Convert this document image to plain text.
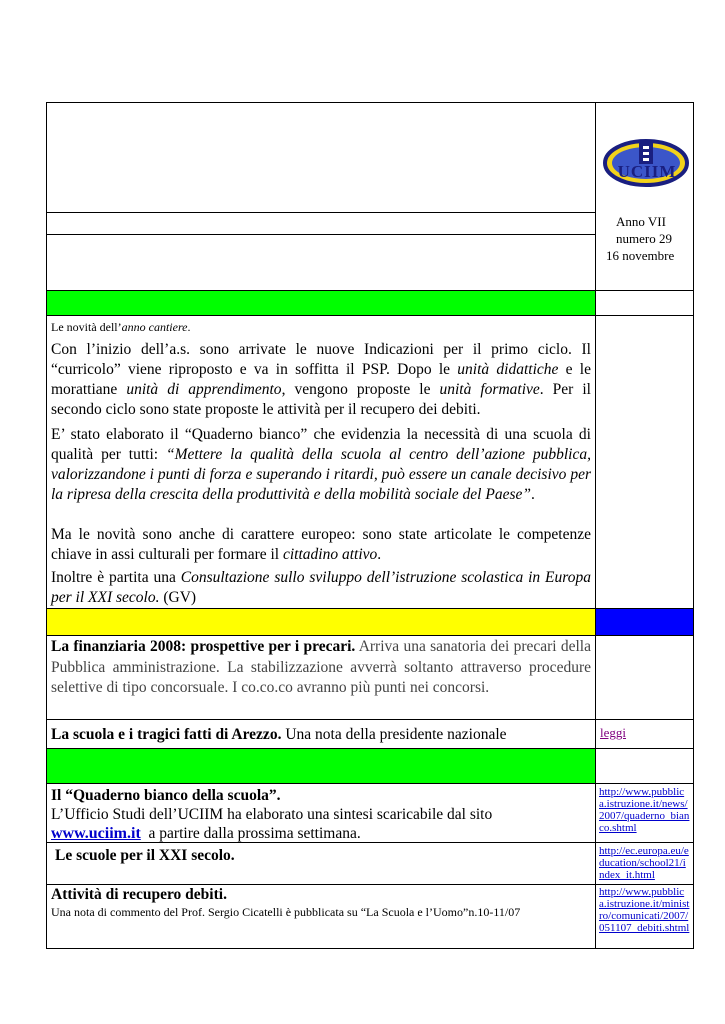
UCIIM
Anno VII
numero 29
16 novembre
Le novità dell’anno cantiere.
Con l’inizio dell’a.s. sono arrivate le nuove Indicazioni per il primo ciclo. Il “curricolo” viene riproposto e va in soffitta il PSP. Dopo le unità didattiche e le morattiane unità di apprendimento, vengono proposte le unità formative. Per il secondo ciclo sono state proposte le attività per il recupero dei debiti.
E’ stato elaborato il “Quaderno bianco” che evidenzia la necessità di una scuola di qualità per tutti: “Mettere la qualità della scuola al centro dell’azione pubblica, valorizzandone i punti di forza e superando i ritardi, può essere un canale decisivo per la ripresa della crescita della produttività e della mobilità sociale del Paese”.
Ma le novità sono anche di carattere europeo: sono state articolate le competenze chiave in assi culturali per formare il cittadino attivo.
Inoltre è partita una Consultazione sullo sviluppo dell’istruzione scolastica in Europa per il XXI secolo. (GV)
La finanziaria 2008: prospettive per i precari. Arriva una sanatoria dei precari della Pubblica amministrazione. La stabilizzazione avverrà soltanto attraverso procedure selettive di tipo concorsuale. I co.co.co avranno più punti nei concorsi.
La scuola e i tragici fatti di Arezzo. Una nota della presidente nazionale	leggi
Il “Quaderno bianco della scuola”.
L’Ufficio Studi dell’UCIIM ha elaborato una sintesi scaricabile dal sito
www.uciim.it  a partire dalla prossima settimana.
http://www.pubblica.istruzione.it/news/2007/quaderno_bianco.shtml
Le scuole per il XXI secolo.	http://ec.europa.eu/education/school21/index_it.html
Attività di recupero debiti.
Una nota di commento del Prof. Sergio Cicatelli è pubblicata su “La Scuola e l’Uomo”n.10-11/07
http://www.pubblica.istruzione.it/ministro/comunicati/2007/051107_debiti.shtml
